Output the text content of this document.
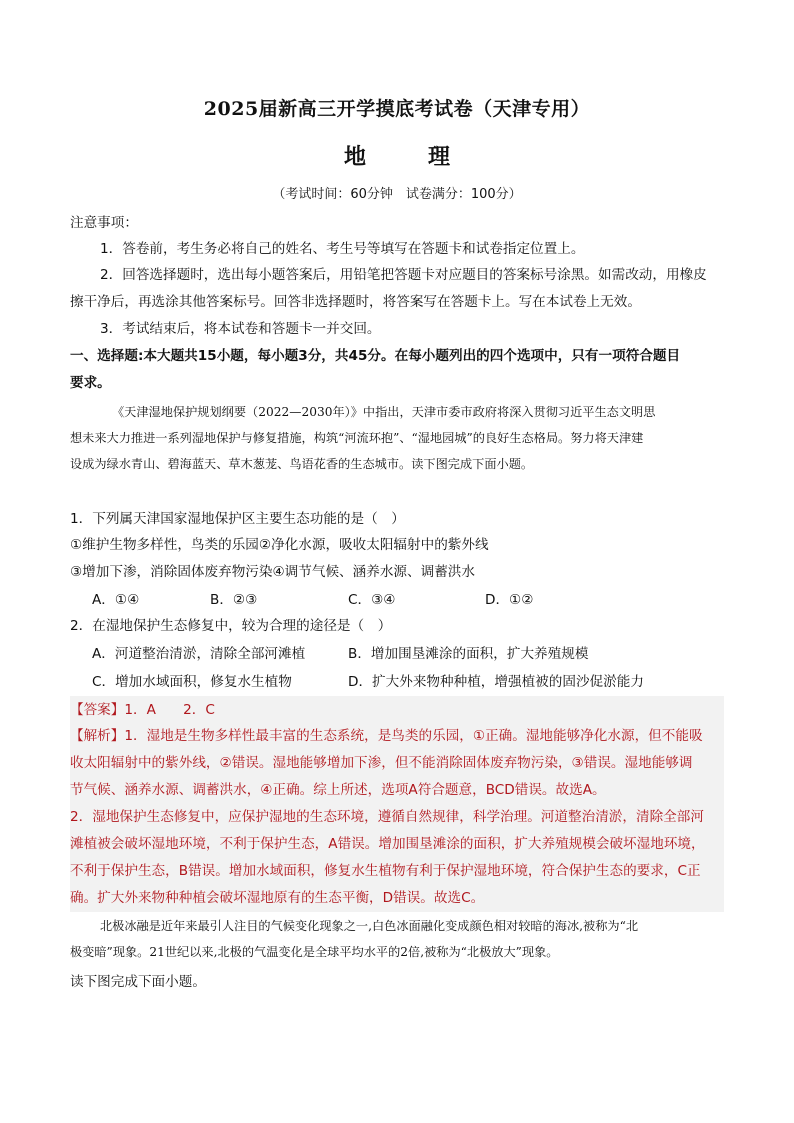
2025届新高三开学摸底考试卷（天津专用）
地	理
（考试时间：60分钟　试卷满分：100分）
注意事项：
1．答卷前，考生务必将自己的姓名、考生号等填写在答题卡和试卷指定位置上。
2．回答选择题时，选出每小题答案后，用铅笔把答题卡对应题目的答案标号涂黑。如需改动，用橡皮
擦干净后，再选涂其他答案标号。回答非选择题时，将答案写在答题卡上。写在本试卷上无效。
3．考试结束后，将本试卷和答题卡一并交回。
一、选择题:本大题共15小题，每小题3分，共45分。在每小题列出的四个选项中，只有一项符合题目
要求。
《天津湿地保护规划纲要（2022—2030年）》中指出，天津市委市政府将深入贯彻习近平生态文明思
想未来大力推进一系列湿地保护与修复措施，构筑“河流环抱”、“湿地园城”的良好生态格局。努力将天津建
设成为绿水青山、碧海蓝天、草木葱茏、鸟语花香的生态城市。读下图完成下面小题。
1．下列属天津国家湿地保护区主要生态功能的是（　）
①维护生物多样性，鸟类的乐园②净化水源，吸收太阳辐射中的紫外线
③增加下渗，消除固体废弃物污染④调节气候、涵养水源、调蓄洪水
A．①④	B．②③	C．③④	D．①②
2．在湿地保护生态修复中，较为合理的途径是（　）
A．河道整治清淤，清除全部河滩植	B．增加围垦滩涂的面积，扩大养殖规模
C．增加水域面积，修复水生植物	D．扩大外来物种种植，增强植被的固沙促淤能力
【答案】1．A　　2．C
【解析】1．湿地是生物多样性最丰富的生态系统，是鸟类的乐园，①正确。湿地能够净化水源，但不能吸
收太阳辐射中的紫外线，②错误。湿地能够增加下渗，但不能消除固体废弃物污染，③错误。湿地能够调
节气候、涵养水源、调蓄洪水，④正确。综上所述，选项A符合题意，BCD错误。故选A。
2．湿地保护生态修复中，应保护湿地的生态环境，遵循自然规律，科学治理。河道整治清淤，清除全部河
滩植被会破坏湿地环境，不利于保护生态，A错误。增加围垦滩涂的面积，扩大养殖规模会破坏湿地环境，
不利于保护生态，B错误。增加水域面积，修复水生植物有利于保护湿地环境，符合保护生态的要求，C正
确。扩大外来物种种植会破坏湿地原有的生态平衡，D错误。故选C。
北极冰融是近年来最引人注目的气候变化现象之一,白色冰面融化变成颜色相对较暗的海冰,被称为“北
极变暗”现象。21世纪以来,北极的气温变化是全球平均水平的2倍,被称为“北极放大”现象。
读下图完成下面小题。
